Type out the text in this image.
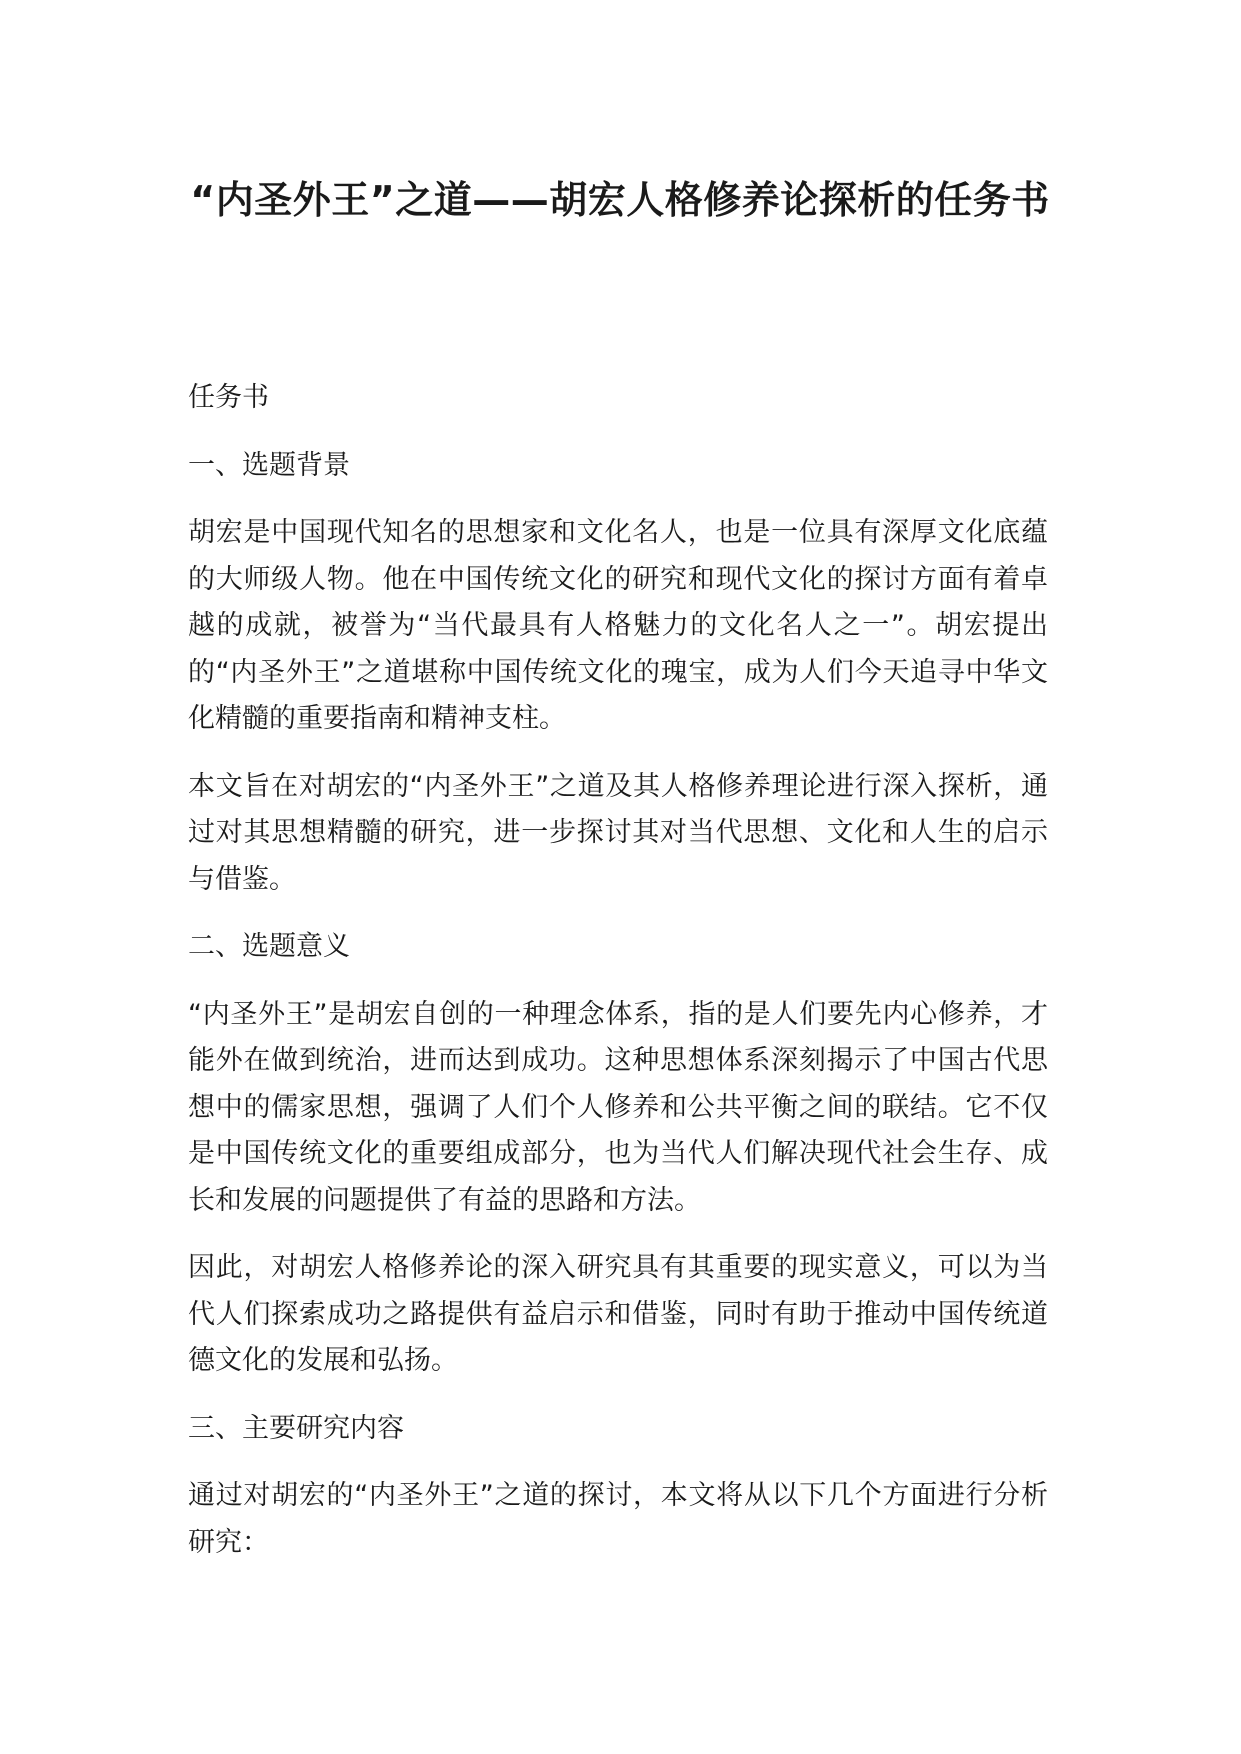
“内圣外王”之道——胡宏人格修养论探析的任务书

任务书

一、选题背景

胡宏是中国现代知名的思想家和文化名人，也是一位具有深厚文化底蕴的大师级人物。他在中国传统文化的研究和现代文化的探讨方面有着卓越的成就，被誉为“当代最具有人格魅力的文化名人之一”。胡宏提出的“内圣外王”之道堪称中国传统文化的瑰宝，成为人们今天追寻中华文化精髓的重要指南和精神支柱。

本文旨在对胡宏的“内圣外王”之道及其人格修养理论进行深入探析，通过对其思想精髓的研究，进一步探讨其对当代思想、文化和人生的启示与借鉴。

二、选题意义

“内圣外王”是胡宏自创的一种理念体系，指的是人们要先内心修养，才能外在做到统治，进而达到成功。这种思想体系深刻揭示了中国古代思想中的儒家思想，强调了人们个人修养和公共平衡之间的联结。它不仅是中国传统文化的重要组成部分，也为当代人们解决现代社会生存、成长和发展的问题提供了有益的思路和方法。

因此，对胡宏人格修养论的深入研究具有其重要的现实意义，可以为当代人们探索成功之路提供有益启示和借鉴，同时有助于推动中国传统道德文化的发展和弘扬。

三、主要研究内容

通过对胡宏的“内圣外王”之道的探讨，本文将从以下几个方面进行分析研究：
